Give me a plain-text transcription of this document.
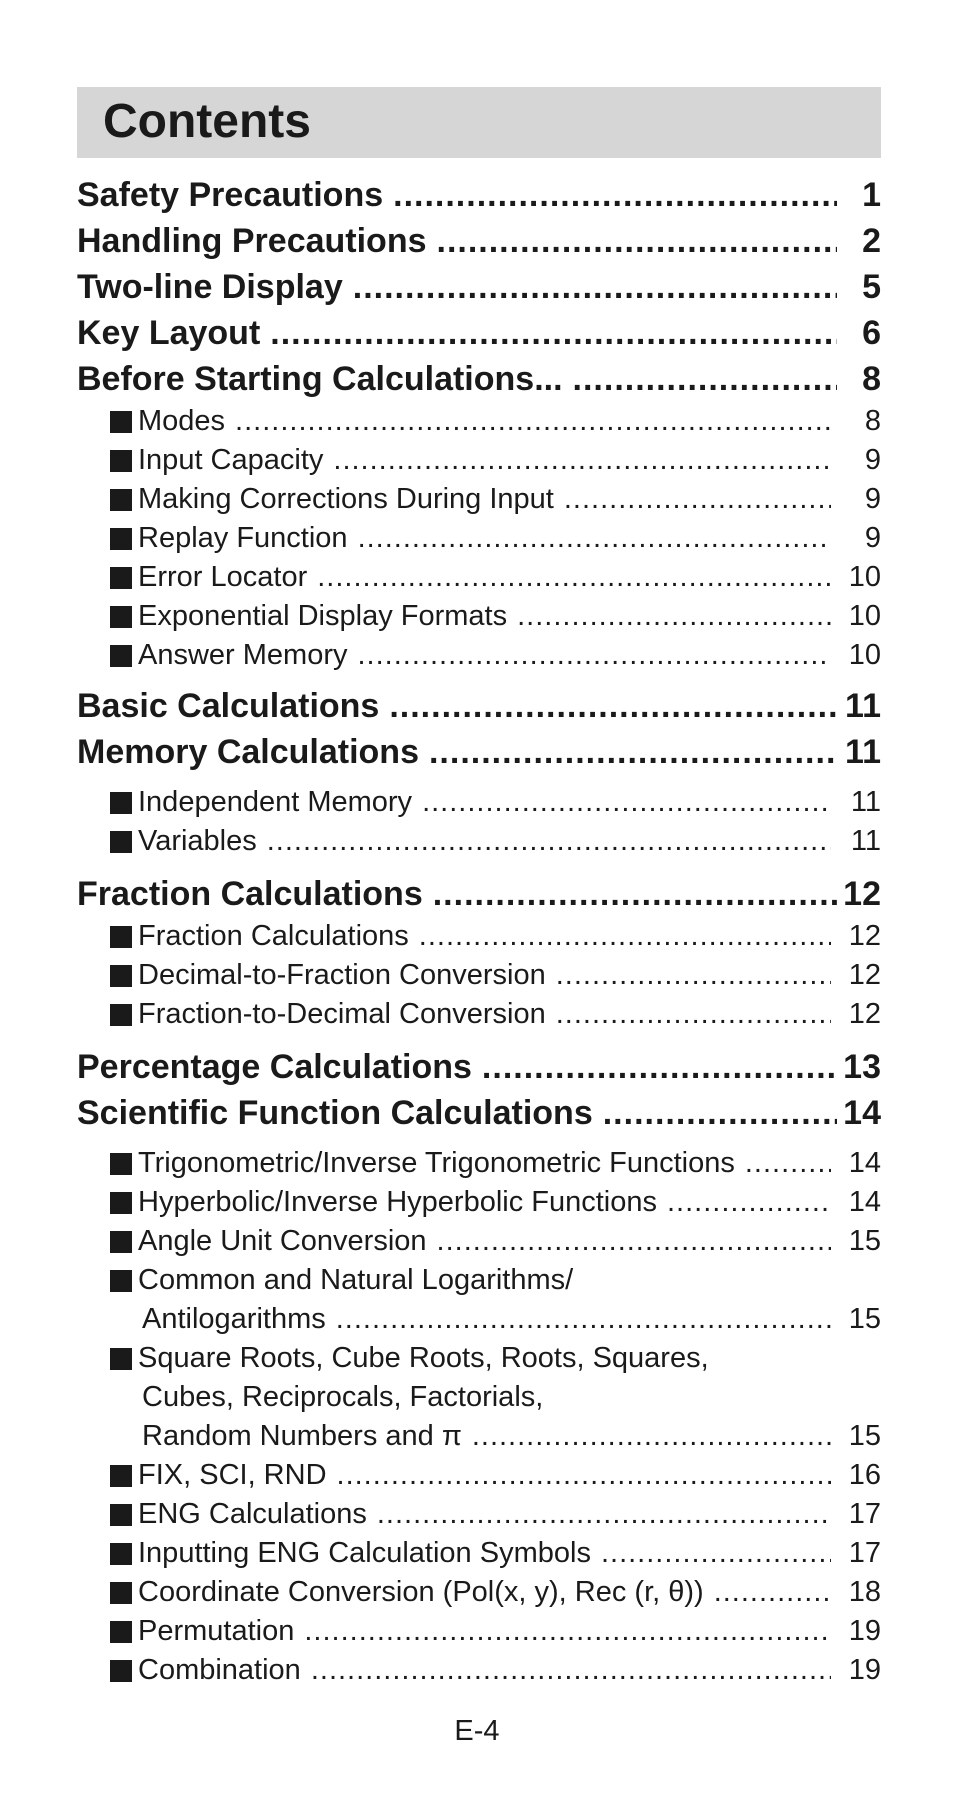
Contents
Safety Precautions .....	1
Handling Precautions .....	2
Two-line Display .....	5
Key Layout .....	6
Before Starting Calculations... .....	8
Modes .....	8
Input Capacity .....	9
Making Corrections During Input .....	9
Replay Function .....	9
Error Locator .....	10
Exponential Display Formats .....	10
Answer Memory .....	10
Basic Calculations .....	11
Memory Calculations .....	11
Independent Memory .....	11
Variables .....	11
Fraction Calculations .....	12
Fraction Calculations .....	12
Decimal-to-Fraction Conversion .....	12
Fraction-to-Decimal Conversion .....	12
Percentage Calculations .....	13
Scientific Function Calculations .....	14
Trigonometric/Inverse Trigonometric Functions .....	14
Hyperbolic/Inverse Hyperbolic Functions .....	14
Angle Unit Conversion .....	15
Common and Natural Logarithms/
Antilogarithms .....	15
Square Roots, Cube Roots, Roots, Squares,
Cubes, Reciprocals, Factorials,
Random Numbers and π .....	15
FIX, SCI, RND .....	16
ENG Calculations .....	17
Inputting ENG Calculation Symbols .....	17
Coordinate Conversion (Pol(x, y), Rec (r, θ)) .....	18
Permutation .....	19
Combination .....	19
E-4
